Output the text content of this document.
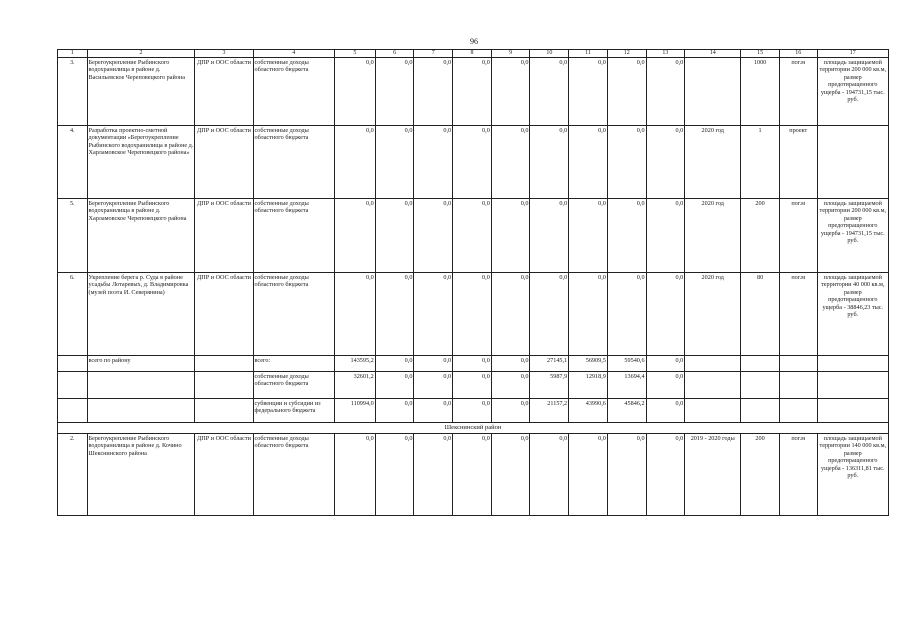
96
1	2	3	4	5	6	7	8	9	10	11	12	13	14	15	16	17
3.	Берегоукрепление Рыбинского водохранилища в районе д. Васильевское Череповецкого района	ДПР и ООС области	собственные доходы областного бюджета	0,0	0,0	0,0	0,0	0,0	0,0	0,0	0,0	0,0		1000	пог.м	площадь защищаемой территории 200 000 кв.м, размер предотвращенного ущерба - 194731,15 тыс. руб.
4.	Разработка проектно-сметной документации «Берегоукрепление Рыбинского водохранилища в районе д. Харламовское Череповецкого района»	ДПР и ООС области	собственные доходы областного бюджета	0,0	0,0	0,0	0,0	0,0	0,0	0,0	0,0	0,0	2020 год	1	проект	
5.	Берегоукрепление Рыбинского водохранилища в районе д. Харламовское Череповецкого района	ДПР и ООС области	собственные доходы областного бюджета	0,0	0,0	0,0	0,0	0,0	0,0	0,0	0,0	0,0	2020 год	200	пог.м	площадь защищаемой территории 200 000 кв.м, размер предотвращенного ущерба - 194731,15 тыс. руб.
6.	Укрепление берега р. Суда в районе усадьбы Лотаревых, д. Владимировка (музей поэта И. Северянина)	ДПР и ООС области	собственные доходы областного бюджета	0,0	0,0	0,0	0,0	0,0	0,0	0,0	0,0	0,0	2020 год	80	пог.м	площадь защищаемой территории 40 000 кв.м, размер предотвращенного ущерба - 38846,23 тыс. руб.
	всего по району		всего:	143595,2	0,0	0,0	0,0	0,0	27145,1	56909,5	59540,6	0,0				
			собственные доходы областного бюджета	32601,2	0,0	0,0	0,0	0,0	5987,9	12918,9	13694,4	0,0				
			субвенции и субсидии из федерального бюджета	110994,0	0,0	0,0	0,0	0,0	21157,2	43990,6	45846,2	0,0				
Шекснинский район																
2.	Берегоукрепление Рыбинского водохранилища в районе д. Кочино Шекснинского района	ДПР и ООС области	собственные доходы областного бюджета	0,0	0,0	0,0	0,0	0,0	0,0	0,0	0,0	0,0	2019 - 2020 годы	200	пог.м	площадь защищаемой территории 140 000 кв.м, размер предотвращенного ущерба - 136311,81 тыс. руб.
